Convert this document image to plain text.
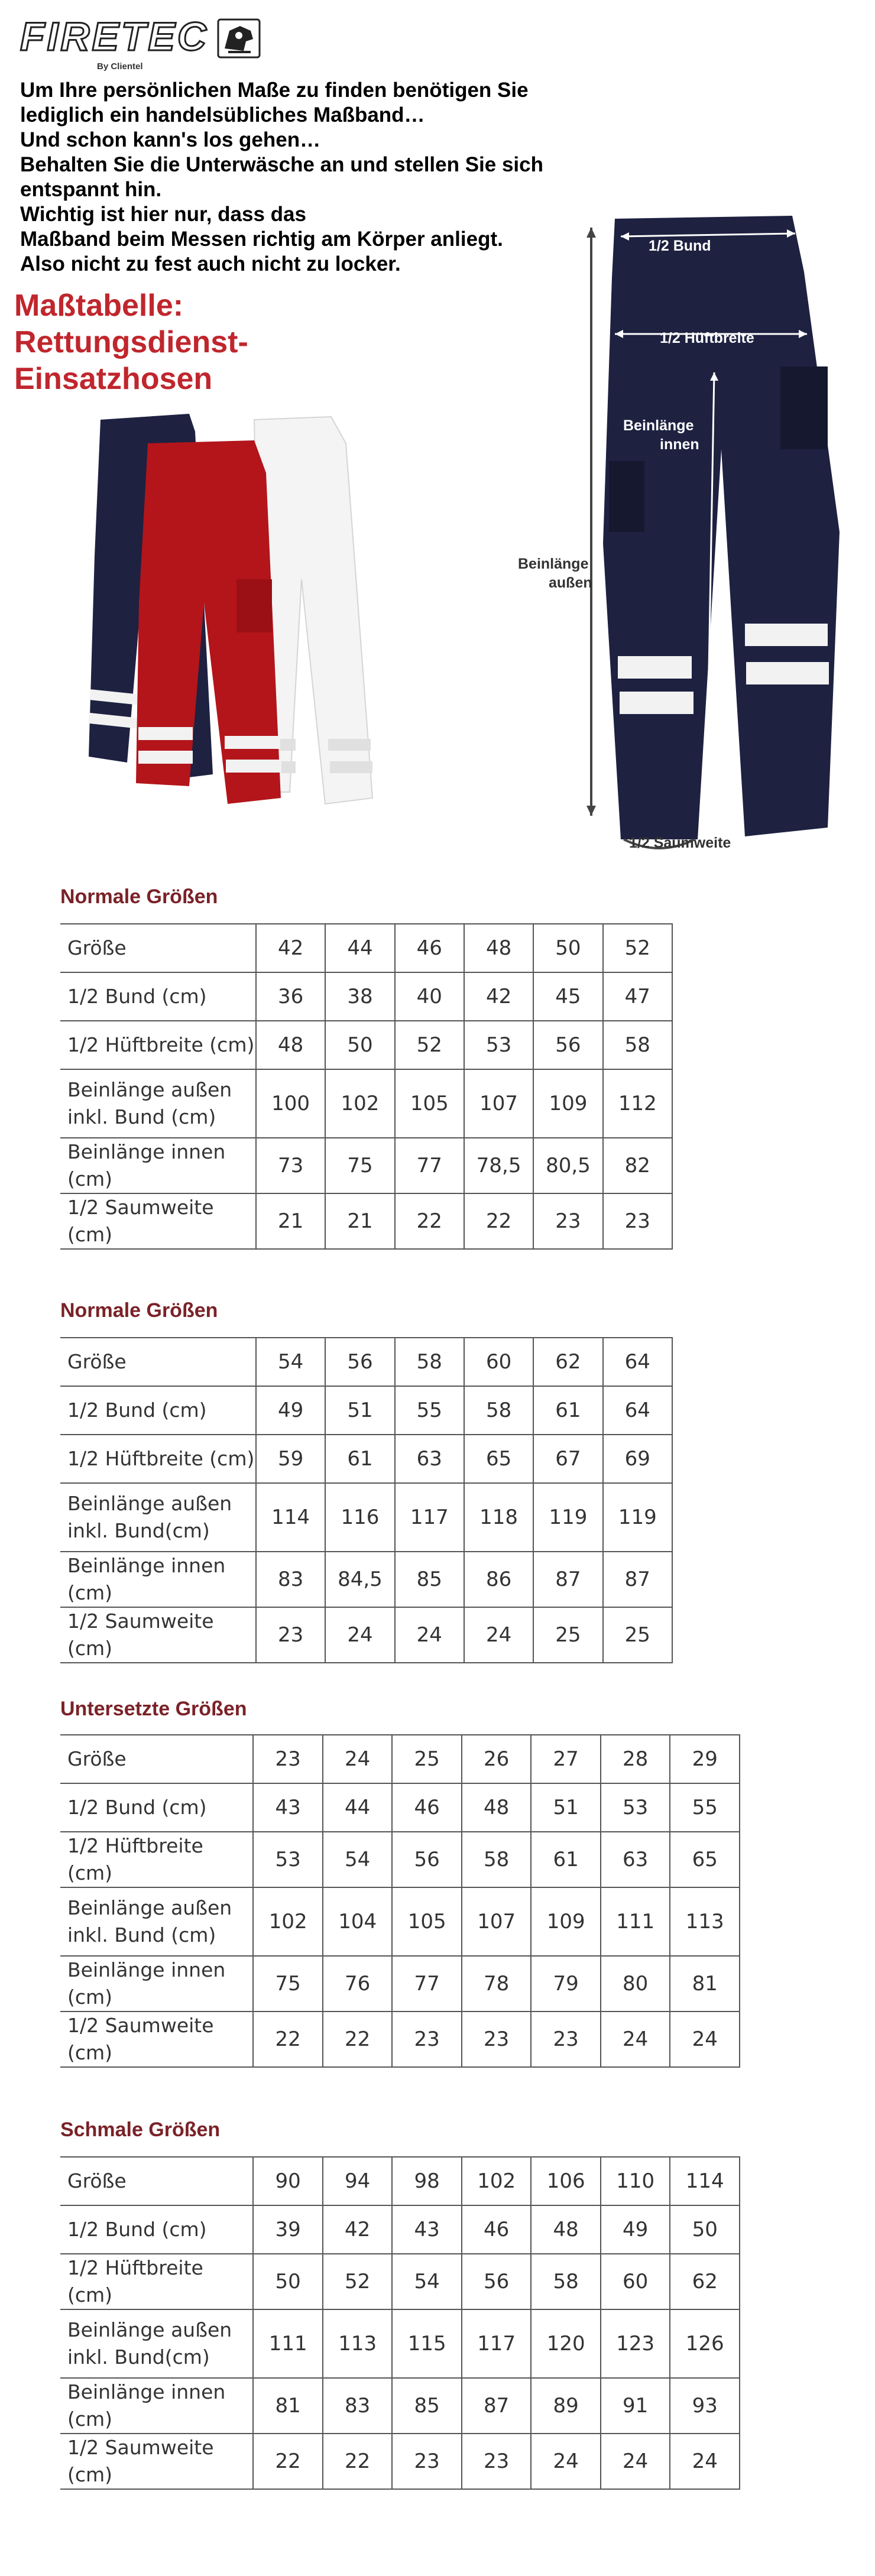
FIRETEC
By Clientel
Um Ihre persönlichen Maße zu finden benötigen Sie
lediglich ein handelsübliches Maßband…
Und schon kann's los gehen…
Behalten Sie die Unterwäsche an und stellen Sie sich
entspannt hin.
Wichtig ist hier nur, dass das
Maßband beim Messen richtig am Körper anliegt.
Also nicht zu fest auch nicht zu locker.
Maßtabelle:
Rettungsdienst-
Einsatzhosen
1/2 Bund
1/2 Hüftbreite
Beinlänge
innen
Beinlänge
außen
1/2 Saumweite
Normale Größen
Größe	42	44	46	48	50	52
1/2 Bund (cm)	36	38	40	42	45	47
1/2 Hüftbreite (cm)	48	50	52	53	56	58

Beinlänge außen
inkl. Bund (cm)	100	102	105	107	109	112
Beinlänge innen (cm)	73	75	77	78,5	80,5	82
1/2 Saumweite (cm)	21	21	22	22	23	23
Normale Größen
Größe	54	56	58	60	62	64
1/2 Bund (cm)	49	51	55	58	61	64
1/2 Hüftbreite (cm)	59	61	63	65	67	69

Beinlänge außen
inkl. Bund(cm)	114	116	117	118	119	119
Beinlänge innen (cm)	83	84,5	85	86	87	87
1/2 Saumweite (cm)	23	24	24	24	25	25
Untersetzte Größen
Größe	23	24	25	26	27	28	29
1/2 Bund (cm)	43	44	46	48	51	53	55
1/2 Hüftbreite (cm)	53	54	56	58	61	63	65

Beinlänge außen
inkl. Bund (cm)	102	104	105	107	109	111	113
Beinlänge innen (cm)	75	76	77	78	79	80	81
1/2 Saumweite (cm)	22	22	23	23	23	24	24
Schmale Größen
Größe	90	94	98	102	106	110	114
1/2 Bund (cm)	39	42	43	46	48	49	50
1/2 Hüftbreite (cm)	50	52	54	56	58	60	62

Beinlänge außen
inkl. Bund(cm)	111	113	115	117	120	123	126
Beinlänge innen (cm)	81	83	85	87	89	91	93
1/2 Saumweite (cm)	22	22	23	23	24	24	24
